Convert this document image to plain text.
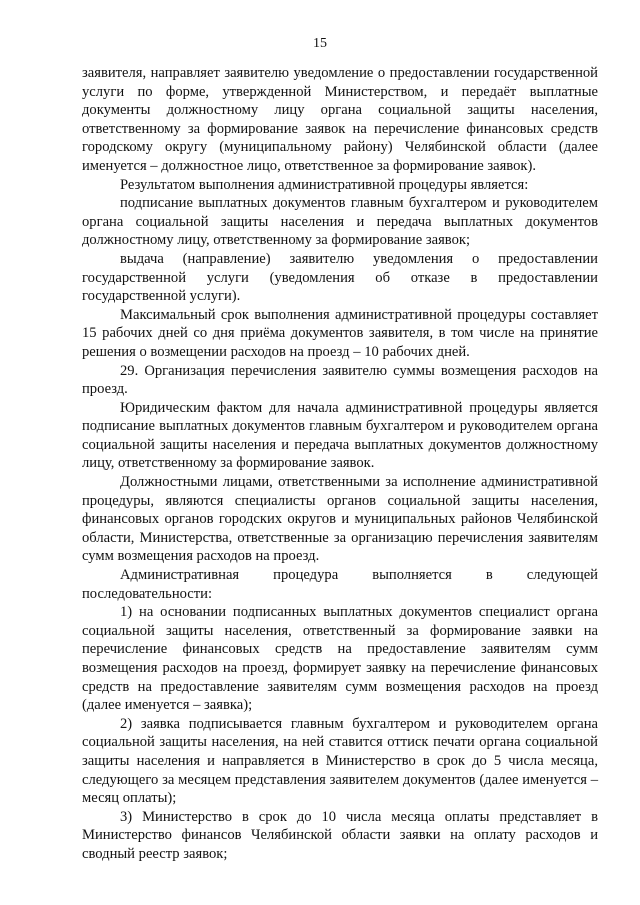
15

заявителя, направляет заявителю уведомление о предоставлении государственной услуги по форме, утвержденной Министерством, и передаёт выплатные документы должностному лицу органа социальной защиты населения, ответственному за формирование заявок на перечисление финансовых средств городскому округу (муниципальному району) Челябинской области (далее именуется – должностное лицо, ответственное за формирование заявок).

Результатом выполнения административной процедуры является:

подписание выплатных документов главным бухгалтером и руководителем органа социальной защиты населения и передача выплатных документов должностному лицу, ответственному за формирование заявок;

выдача (направление) заявителю уведомления о предоставлении государственной услуги (уведомления об отказе в предоставлении государственной услуги).

Максимальный срок выполнения административной процедуры составляет 15 рабочих дней со дня приёма документов заявителя, в том числе на принятие решения о возмещении расходов на проезд – 10 рабочих дней.

29. Организация перечисления заявителю суммы возмещения расходов на проезд.

Юридическим фактом для начала административной процедуры является подписание выплатных документов главным бухгалтером и руководителем органа социальной защиты населения и передача выплатных документов должностному лицу, ответственному за формирование заявок.

Должностными лицами, ответственными за исполнение административной процедуры, являются специалисты органов социальной защиты населения, финансовых органов городских округов и муниципальных районов Челябинской области, Министерства, ответственные за организацию перечисления заявителям сумм возмещения расходов на проезд.

Административная процедура выполняется в следующей последовательности:

1) на основании подписанных выплатных документов специалист органа социальной защиты населения, ответственный за формирование заявки на перечисление финансовых средств на предоставление заявителям сумм возмещения расходов на проезд, формирует заявку на перечисление финансовых средств на предоставление заявителям сумм возмещения расходов на проезд (далее именуется – заявка);

2) заявка подписывается главным бухгалтером и руководителем органа социальной защиты населения, на ней ставится оттиск печати органа социальной защиты населения и направляется в Министерство в срок до 5 числа месяца, следующего за месяцем представления заявителем документов (далее именуется – месяц оплаты);

3) Министерство в срок до 10 числа месяца оплаты представляет в Министерство финансов Челябинской области заявки на оплату расходов и сводный реестр заявок;
